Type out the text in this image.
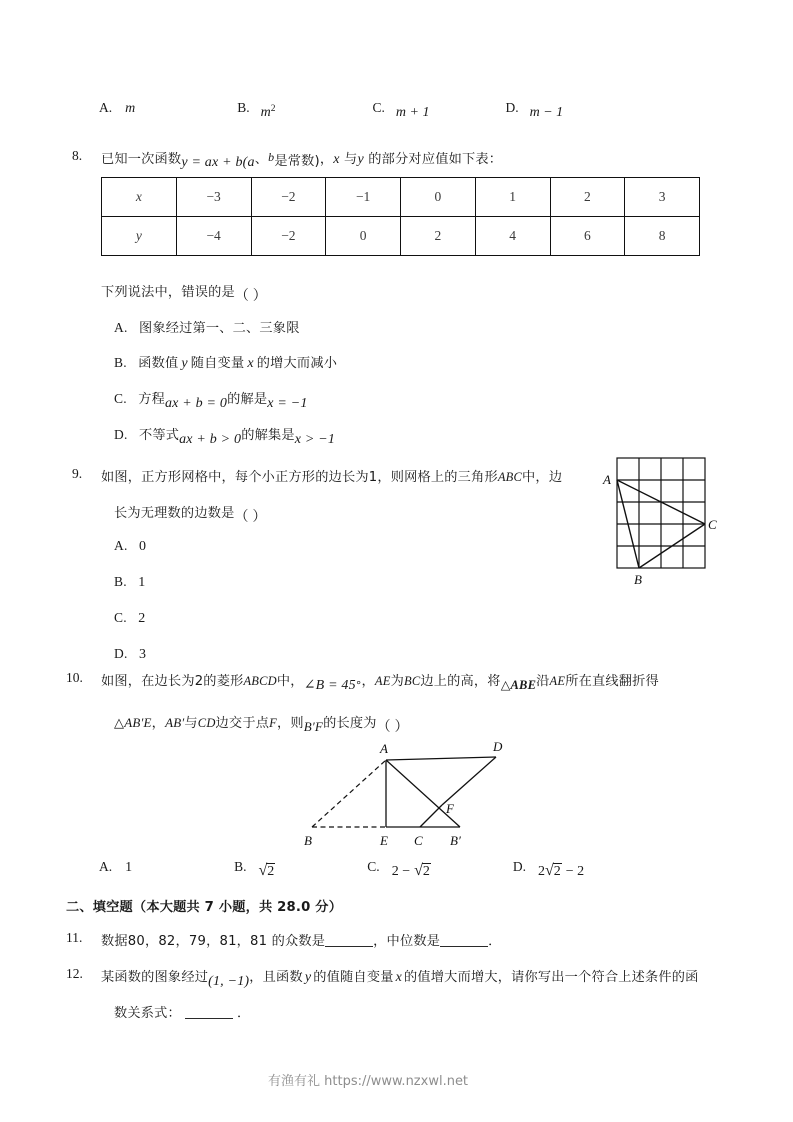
A. m	B. $m^2$	C. m + 1	D. m − 1
8. 已知一次函数y = ax + b(a、b是常数)，x 与y 的部分对应值如下表：
x	−3	−2	−1	0	1	2	3
y	−4	−2	0	2	4	6	8
下列说法中，错误的是（ ）
A. 图象经过第一、二、三象限
B. 函数值 y 随自变量 x 的增大而减小
C. 方程ax + b = 0的解是x = −1
D. 不等式ax + b > 0的解集是x > −1
9. 如图，正方形网格中，每个小正方形的边长为1，则网格上的三角形ABC中，边
长为无理数的边数是（ ）
A. 0
B. 1
C. 2
D. 3
A
B
C
10. 如图，在边长为2的菱形ABCD中，∠B = 45°，AE为BC边上的高，将△ABE沿AE所在直线翻折得
△AB′E，AB′与CD边交于点F，则B′F的长度为（ ）
A	D
B	E C B′
F
A. 1	B. √2	C. 2 − √2	D. 2√2 − 2
二、填空题（本大题共 7 小题，共 28.0 分）
11. 数据80，82，79，81，81 的众数是	，中位数是	．
12. 某函数的图象经过(1, −1)，且函数 y 的值随自变量 x 的值增大而增大，请你写出一个符合上述条件的函
数关系式：	．
有渔有礼 https://www.nzxwl.net
